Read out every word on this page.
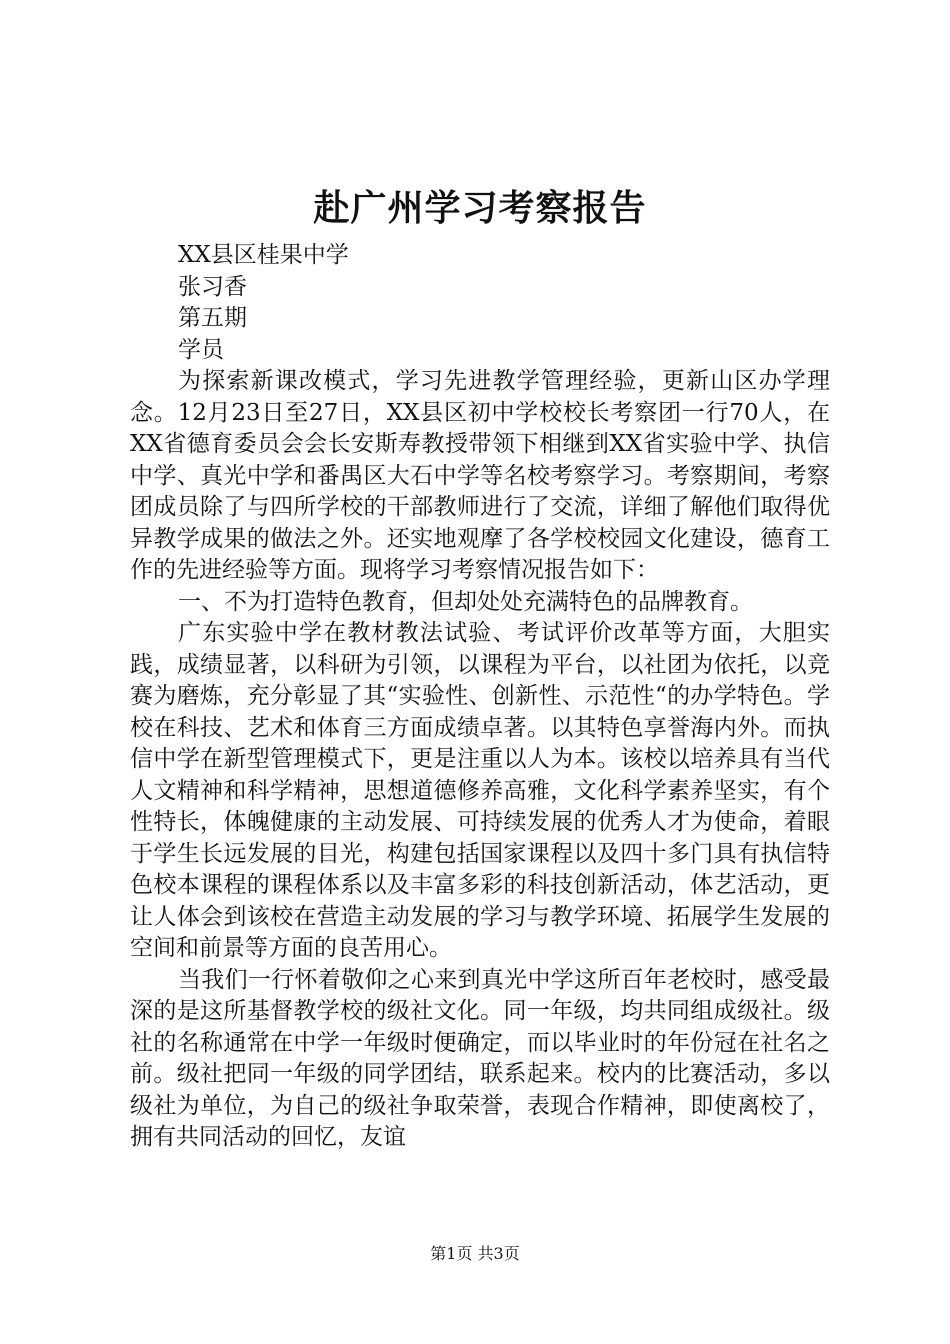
赴广州学习考察报告

XX县区桂果中学

张习香

第五期

学员

为探索新课改模式，学习先进教学管理经验，更新山区办学理念。12月23日至27日，XX县区初中学校校长考察团一行70人，在XX省德育委员会会长安斯寿教授带领下相继到XX省实验中学、执信中学、真光中学和番禺区大石中学等名校考察学习。考察期间，考察团成员除了与四所学校的干部教师进行了交流，详细了解他们取得优异教学成果的做法之外。还实地观摩了各学校校园文化建设，德育工作的先进经验等方面。现将学习考察情况报告如下：

一、不为打造特色教育，但却处处充满特色的品牌教育。

广东实验中学在教材教法试验、考试评价改革等方面，大胆实践，成绩显著，以科研为引领，以课程为平台，以社团为依托，以竞赛为磨炼，充分彰显了其“实验性、创新性、示范性“的办学特色。学校在科技、艺术和体育三方面成绩卓著。以其特色享誉海内外。而执信中学在新型管理模式下，更是注重以人为本。该校以培养具有当代人文精神和科学精神，思想道德修养高雅，文化科学素养坚实，有个性特长，体魄健康的主动发展、可持续发展的优秀人才为使命，着眼于学生长远发展的目光，构建包括国家课程以及四十多门具有执信特色校本课程的课程体系以及丰富多彩的科技创新活动，体艺活动，更让人体会到该校在营造主动发展的学习与教学环境、拓展学生发展的空间和前景等方面的良苦用心。

当我们一行怀着敬仰之心来到真光中学这所百年老校时，感受最深的是这所基督教学校的级社文化。同一年级，均共同组成级社。级社的名称通常在中学一年级时便确定，而以毕业时的年份冠在社名之前。级社把同一年级的同学团结，联系起来。校内的比赛活动，多以级社为单位，为自己的级社争取荣誉，表现合作精神，即使离校了，拥有共同活动的回忆，友谊

第1页 共3页
